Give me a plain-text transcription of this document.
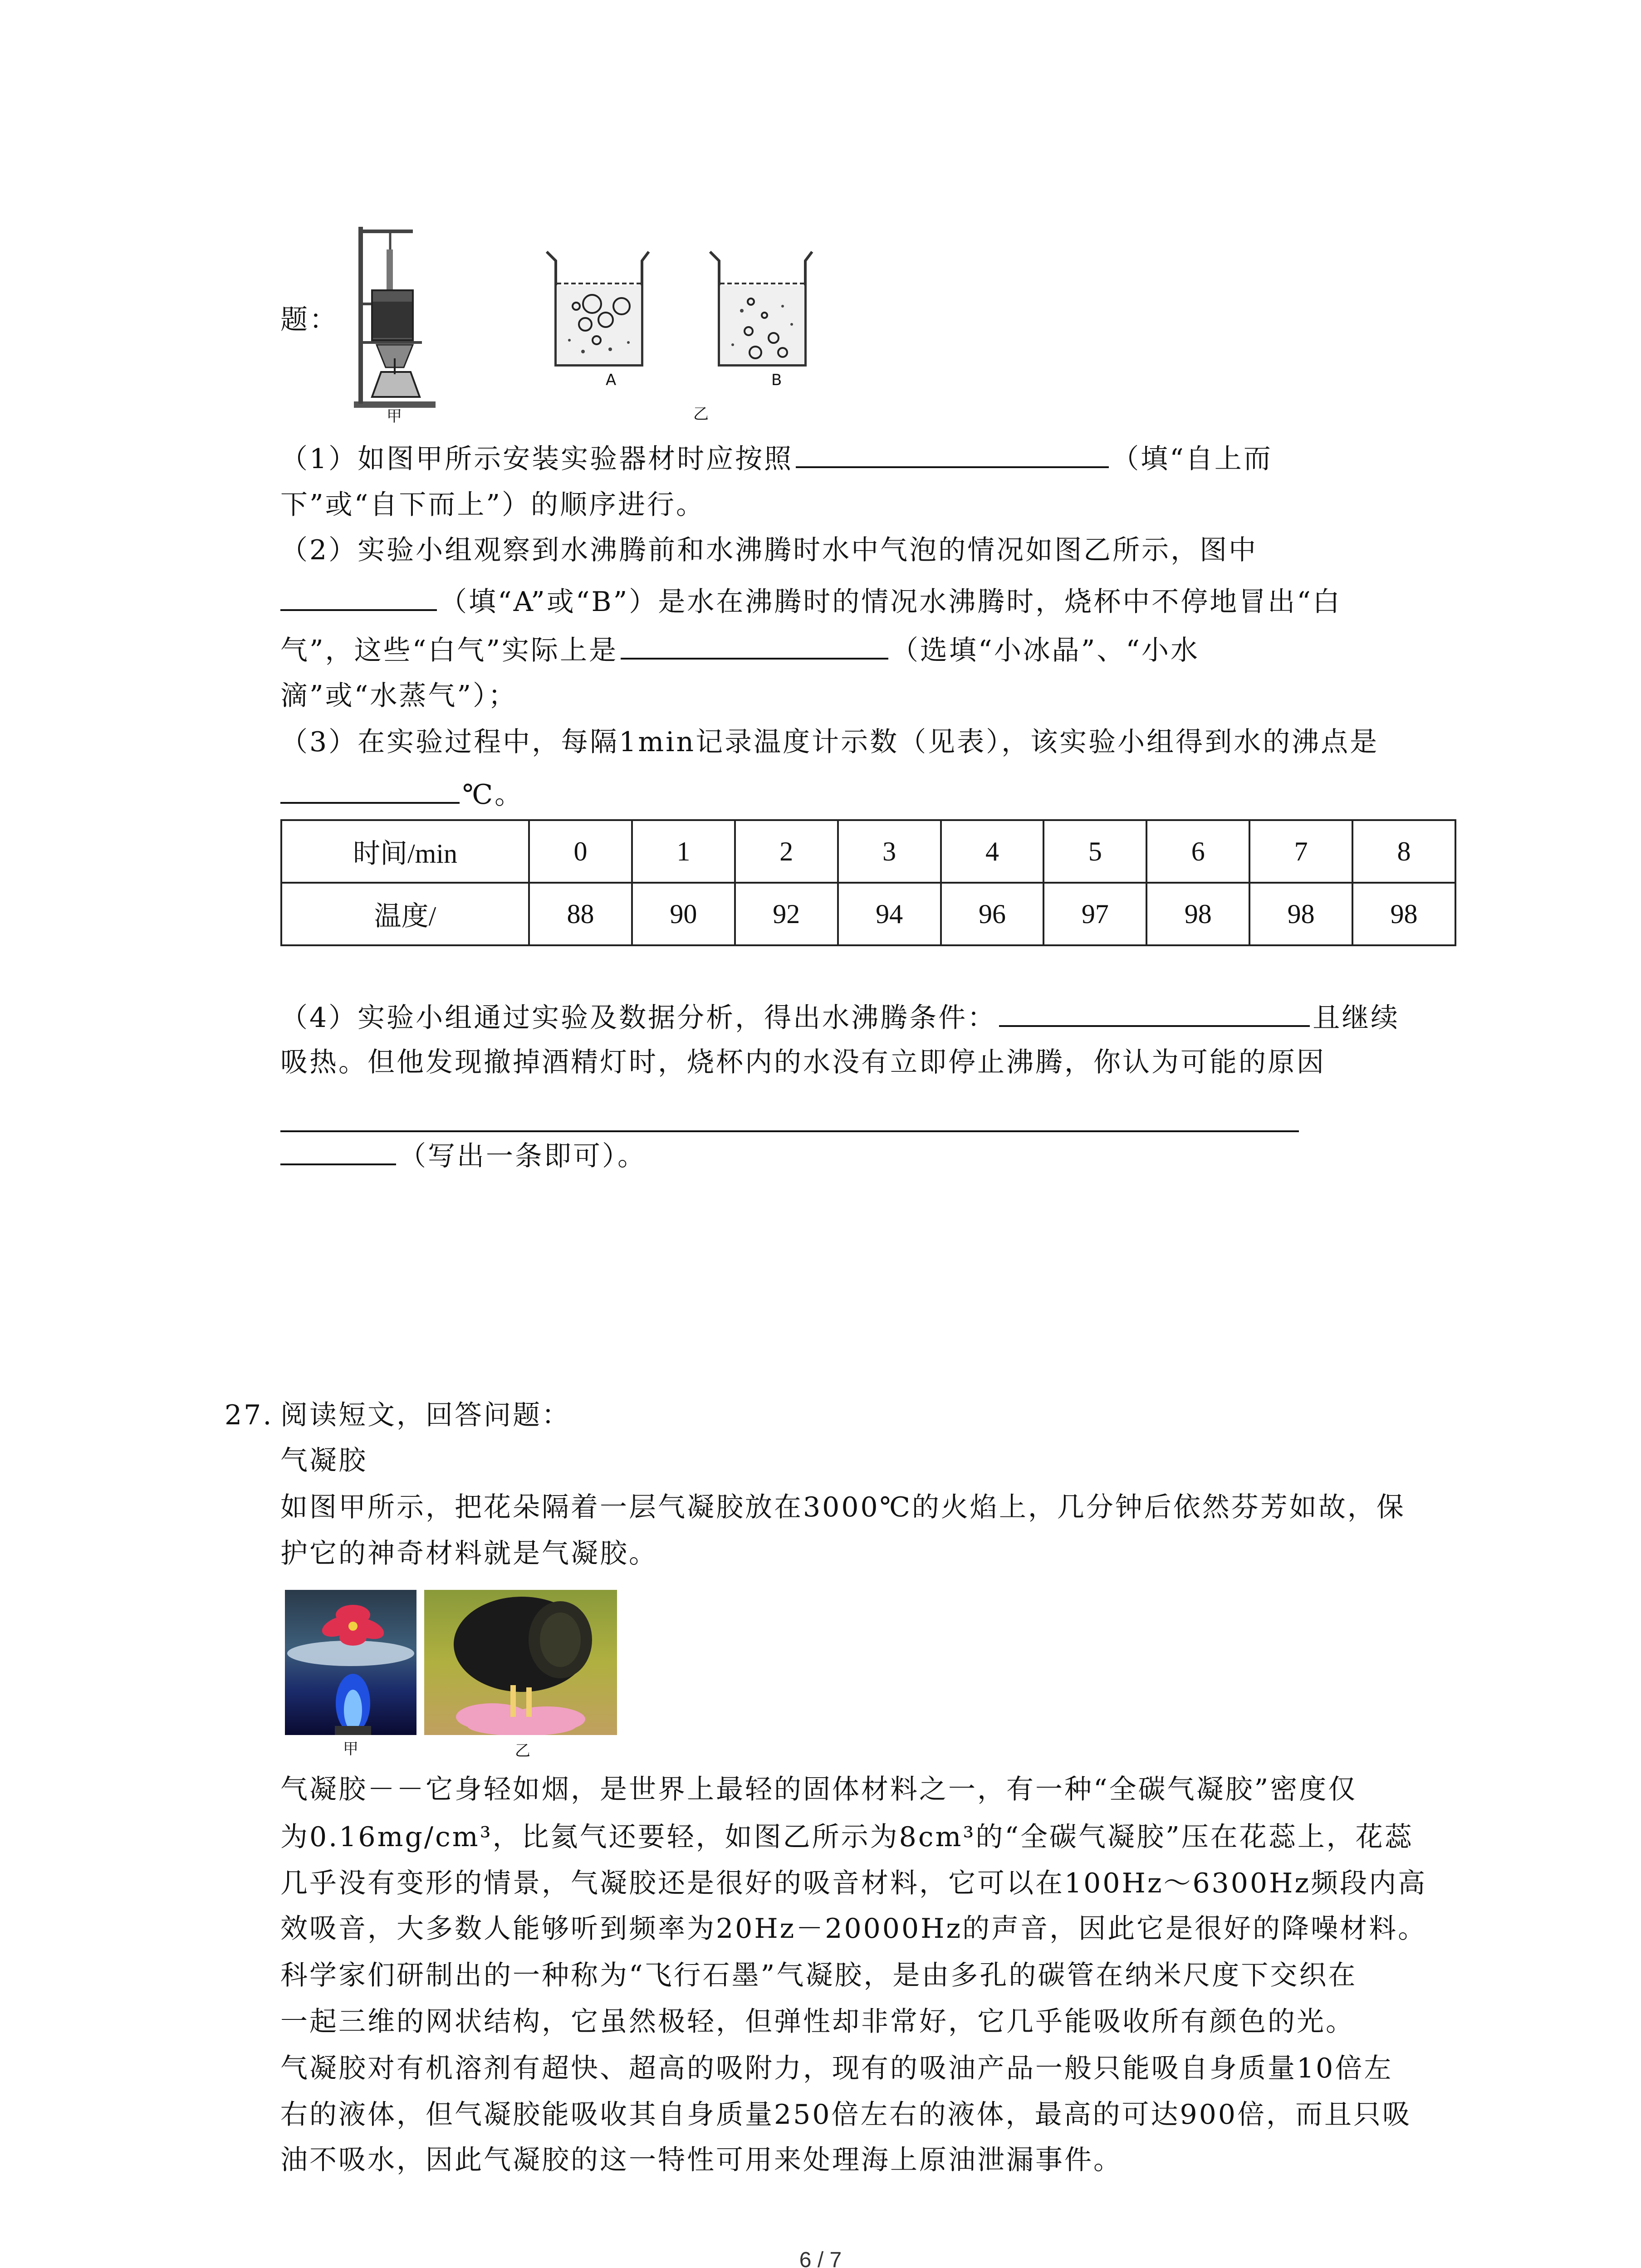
甲
A	B
乙
题：
（1）如图甲所示安装实验器材时应按照	（填“自上而
下”或“自下而上”）的顺序进行。
（2）实验小组观察到水沸腾前和水沸腾时水中气泡的情况如图乙所示，图中
（填“A”或“B”）是水在沸腾时的情况水沸腾时，烧杯中不停地冒出“白
气”，这些“白气”实际上是	（选填“小冰晶”、“小水
滴”或“水蒸气”）；
（3）在实验过程中，每隔1min记录温度计示数（见表），该实验小组得到水的沸点是
℃。
时间/min	0	1	2	3	4	5	6	7	8
温度/	88	90	92	94	96	97	98	98	98
（4）实验小组通过实验及数据分析，得出水沸腾条件：	且继续
吸热。但他发现撤掉酒精灯时，烧杯内的水没有立即停止沸腾，你认为可能的原因
（写出一条即可）。
27. 阅读短文，回答问题：
气凝胶
如图甲所示，把花朵隔着一层气凝胶放在3000℃的火焰上，几分钟后依然芬芳如故，保
护它的神奇材料就是气凝胶。
甲	乙
气凝胶－－它身轻如烟，是世界上最轻的固体材料之一，有一种“全碳气凝胶”密度仅
为0.16mg/cm³，比氦气还要轻，如图乙所示为8cm³的“全碳气凝胶”压在花蕊上，花蕊
几乎没有变形的情景，气凝胶还是很好的吸音材料，它可以在100Hz～6300Hz频段内高
效吸音，大多数人能够听到频率为20Hz－20000Hz的声音，因此它是很好的降噪材料。
科学家们研制出的一种称为“飞行石墨”气凝胶，是由多孔的碳管在纳米尺度下交织在
一起三维的网状结构，它虽然极轻，但弹性却非常好，它几乎能吸收所有颜色的光。
气凝胶对有机溶剂有超快、超高的吸附力，现有的吸油产品一般只能吸自身质量10倍左
右的液体，但气凝胶能吸收其自身质量250倍左右的液体，最高的可达900倍，而且只吸
油不吸水，因此气凝胶的这一特性可用来处理海上原油泄漏事件。
6 / 7
